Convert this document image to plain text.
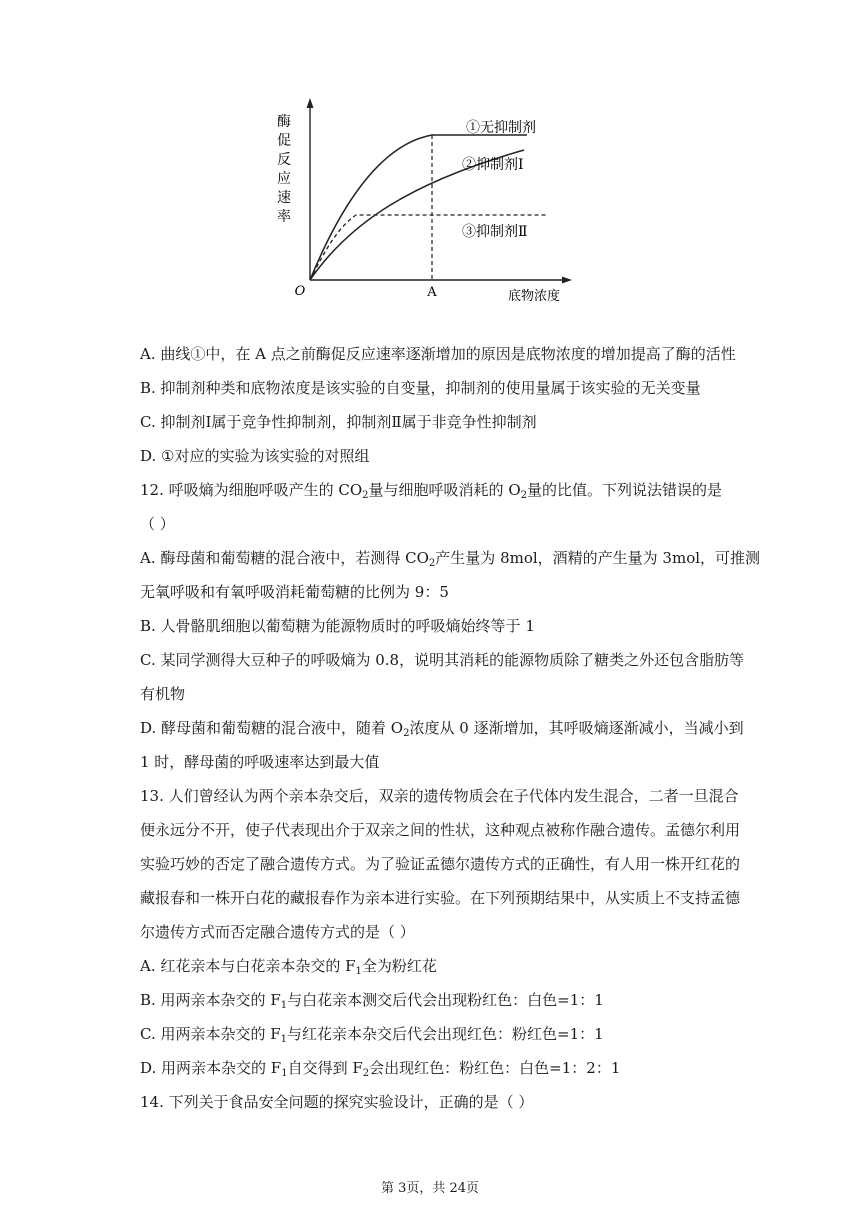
酶
促
反
应
速
率
O	A	底物浓度
①无抑制剂
②抑制剂Ⅰ
③抑制剂Ⅱ
A. 曲线①中，在 A 点之前酶促反应速率逐渐增加的原因是底物浓度的增加提高了酶的活性
B. 抑制剂种类和底物浓度是该实验的自变量，抑制剂的使用量属于该实验的无关变量
C. 抑制剂Ⅰ属于竞争性抑制剂，抑制剂Ⅱ属于非竞争性抑制剂
D. ①对应的实验为该实验的对照组
12. 呼吸熵为细胞呼吸产生的 $CO_2$量与细胞呼吸消耗的 $O_2$量的比值。下列说法错误的是
（ ）
A. 酶母菌和葡萄糖的混合液中，若测得 $CO_2$产生量为 8mol，酒精的产生量为 3mol，可推测
无氧呼吸和有氧呼吸消耗葡萄糖的比例为 9：5
B. 人骨骼肌细胞以葡萄糖为能源物质时的呼吸熵始终等于 1
C. 某同学测得大豆种子的呼吸熵为 0.8，说明其消耗的能源物质除了糖类之外还包含脂肪等
有机物
D. 酵母菌和葡萄糖的混合液中，随着 $O_2$浓度从 0 逐渐增加，其呼吸熵逐渐减小，当减小到
1 时，酵母菌的呼吸速率达到最大值
13. 人们曾经认为两个亲本杂交后，双亲的遗传物质会在子代体内发生混合，二者一旦混合
便永远分不开，使子代表现出介于双亲之间的性状，这种观点被称作融合遗传。孟德尔利用
实验巧妙的否定了融合遗传方式。为了验证孟德尔遗传方式的正确性，有人用一株开红花的
藏报春和一株开白花的藏报春作为亲本进行实验。在下列预期结果中，从实质上不支持孟德
尔遗传方式而否定融合遗传方式的是（ ）
A. 红花亲本与白花亲本杂交的 $F_1$全为粉红花
B. 用两亲本杂交的 $F_1$与白花亲本测交后代会出现粉红色：白色=1：1
C. 用两亲本杂交的 $F_1$与红花亲本杂交后代会出现红色：粉红色=1：1
D. 用两亲本杂交的 $F_1$自交得到 $F_2$会出现红色：粉红色：白色=1：2：1
14. 下列关于食品安全问题的探究实验设计，正确的是（ ）
第 3页，共 24页
